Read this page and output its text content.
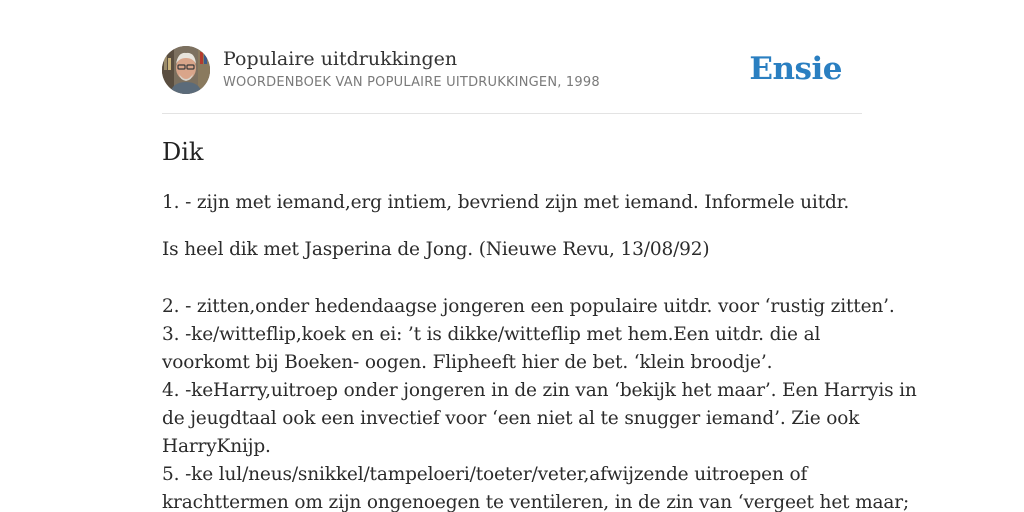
Populaire uitdrukkingen
WOORDENBOEK VAN POPULAIRE UITDRUKKINGEN, 1998	Ensie
Dik

1. - zijn met iemand,erg intiem, bevriend zijn met iemand. Informele uitdr.

Is heel dik met Jasperina de Jong. (Nieuwe Revu, 13/08/92)

2. - zitten,onder hedendaagse jongeren een populaire uitdr. voor ‘rustig zitten’.
3. -ke/witteflip,koek en ei: ’t is dikke/witteflip met hem.Een uitdr. die al
voorkomt bij Boeken- oogen. Flipheeft hier de bet. ‘klein broodje’.
4. -keHarry,uitroep onder jongeren in de zin van ‘bekijk het maar’. Een Harryis in
de jeugdtaal ook een invectief voor ‘een niet al te snugger iemand’. Zie ook
HarryKnijp.
5. -ke lul/neus/snikkel/tampeloeri/toeter/veter,afwijzende uitroepen of
krachttermen om zijn ongenoegen te ventileren, in de zin van ‘vergeet het maar;
